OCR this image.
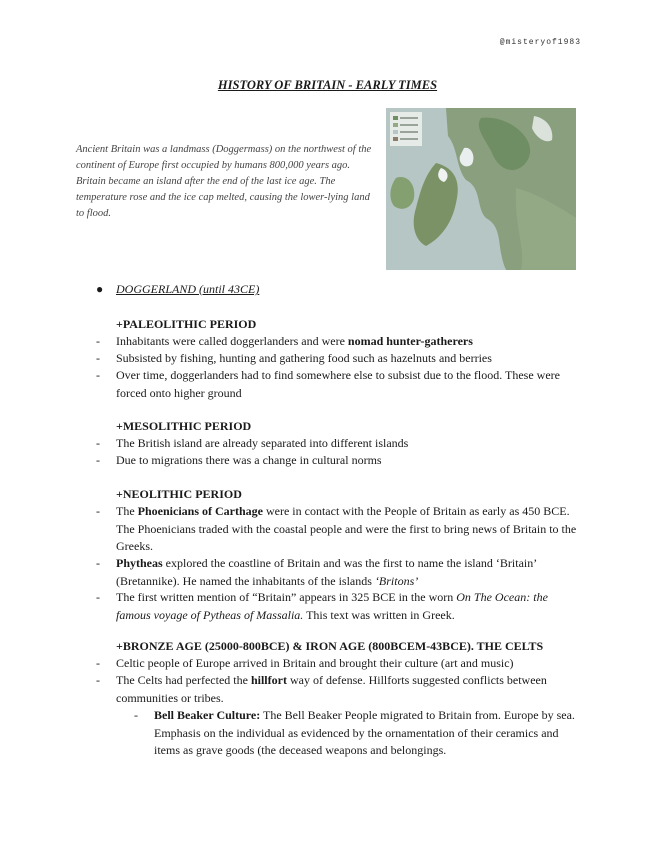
@misteryof1983
HISTORY OF BRITAIN - EARLY TIMES

Ancient Britain was a landmass (Doggermass) on the northwest of the continent of Europe first occupied by humans 800,000 years ago.

Britain became an island after the end of the last ice age. The temperature rose and the ice cap melted, causing the lower-lying land to flood.

● DOGGERLAND (until 43CE)
+PALEOLITHIC PERIOD
- Inhabitants were called doggerlanders and were nomad hunter-gatherers
- Subsisted by fishing, hunting and gathering food such as hazelnuts and berries
- Over time, doggerlanders had to find somewhere else to subsist due to the flood. These were forced onto higher ground
+MESOLITHIC PERIOD
- The British island are already separated into different islands
- Due to migrations there was a change in cultural norms
+NEOLITHIC PERIOD
- The Phoenicians of Carthage were in contact with the People of Britain as early as 450 BCE. The Phoenicians traded with the coastal people and were the first to bring news of Britain to the Greeks.
- Phytheas explored the coastline of Britain and was the first to name the island ‘Britain’ (Bretannike). He named the inhabitants of the islands ‘Britons’
- The first written mention of “Britain” appears in 325 BCE in the worn On The Ocean: the famous voyage of Pytheas of Massalia. This text was written in Greek.
+BRONZE AGE (25000-800BCE) & IRON AGE (800BCEM-43BCE). THE CELTS
- Celtic people of Europe arrived in Britain and brought their culture (art and music)
- The Celts had perfected the hillfort way of defense. Hillforts suggested conflicts between communities or tribes.
- Bell Beaker Culture: The Bell Beaker People migrated to Britain from. Europe by sea. Emphasis on the individual as evidenced by the ornamentation of their ceramics and items as grave goods (the deceased weapons and belongings.
